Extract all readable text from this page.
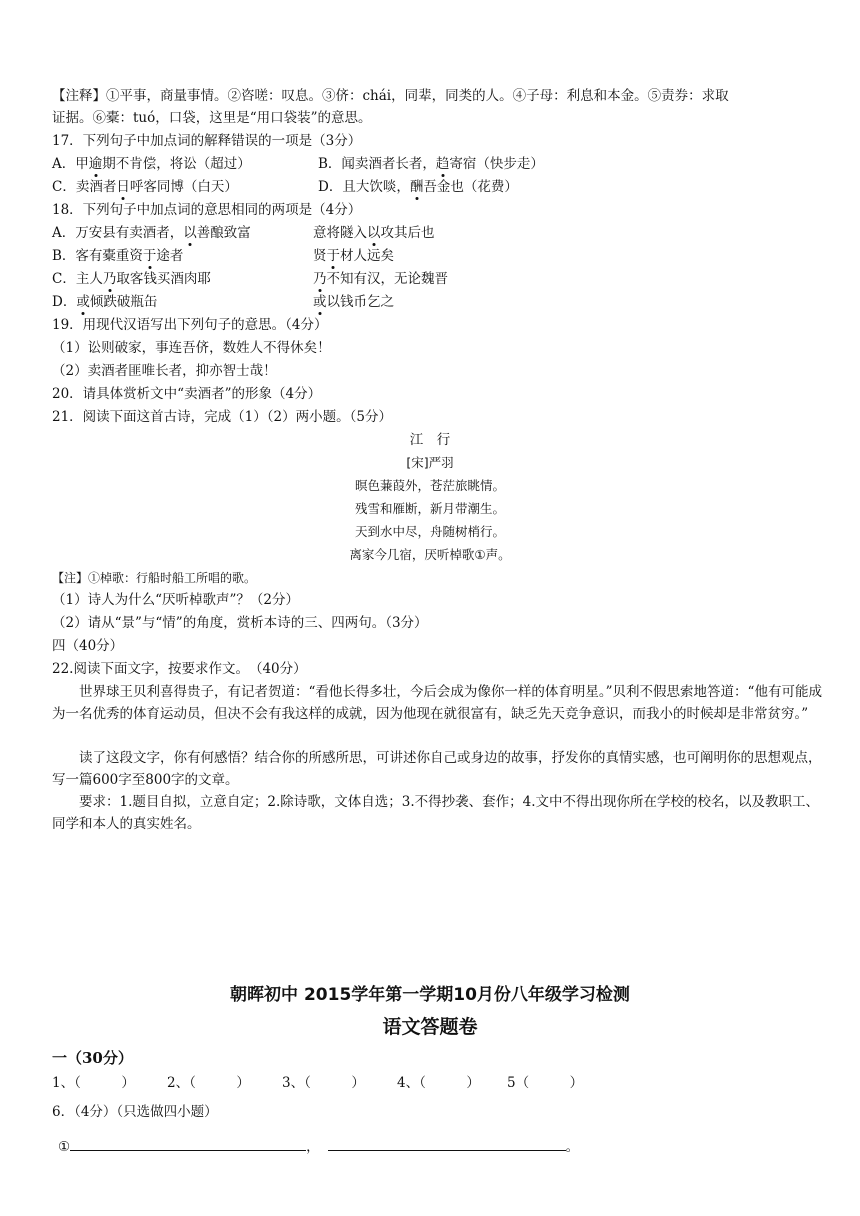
【注释】①平事，商量事情。②咨嗟：叹息。③侪：chái，同辈，同类的人。④子母：利息和本金。⑤责券：求取
证据。⑥橐：tuó，口袋，这里是“用口袋装”的意思。
17．下列句子中加点词的解释错误的一项是（3分）
A．甲逾期不肯偿，将讼（超过）	B．闻卖酒者长者，趋寄宿（快步走）
C．卖酒者日呼客同博（白天）	D．且大饮啖，酬吾金也（花费）
18．下列句子中加点词的意思相同的两项是（4分）
A．万安县有卖酒者，以善酿致富	意将隧入以攻其后也
B．客有橐重资于途者	贤于材人远矣
C．主人乃取客钱买酒肉耶	乃不知有汉，无论魏晋
D．或倾跌破瓶缶	或以钱币乞之
19．用现代汉语写出下列句子的意思。（4分）
（1）讼则破家，事连吾侪，数姓人不得休矣！
（2）卖酒者匪唯长者，抑亦智士哉！
20．请具体赏析文中“卖酒者”的形象（4分）
21．阅读下面这首古诗，完成（1）（2）两小题。（5分）
江　行
[宋]严羽
暝色蒹葭外，苍茫旅眺情。
残雪和雁断，新月带潮生。
天到水中尽，舟随树梢行。
离家今几宿，厌听棹歌①声。
【注】①棹歌：行船时船工所唱的歌。
（1）诗人为什么“厌听棹歌声”？（2分）
（2）请从“景”与“情”的角度，赏析本诗的三、四两句。（3分）
四（40分）
22.阅读下面文字，按要求作文。　（40分）
世界球王贝利喜得贵子，有记者贺道：“看他长得多壮，今后会成为像你一样的体育明星。”贝利不假思索地答道：“他有可能成为一名优秀的体育运动员，但决不会有我这样的成就，因为他现在就很富有，缺乏先天竞争意识，而我小的时候却是非常贫穷。”
读了这段文字，你有何感悟？结合你的所感所思，可讲述你自己或身边的故事，抒发你的真情实感，也可阐明你的思想观点，写一篇600字至800字的文章。
要求：1.题目自拟，立意自定；2.除诗歌，文体自选；3.不得抄袭、套作；4.文中不得出现你所在学校的校名，以及教职工、同学和本人的真实姓名。
朝晖初中 2015学年第一学期10月份八年级学习检测
语文答题卷
一（30分）
1、（　　　） 2、（　　　） 3、（　　　） 4、（　　　） 5（　　　）
6．（4分）（只选做四小题）
①	，	。
